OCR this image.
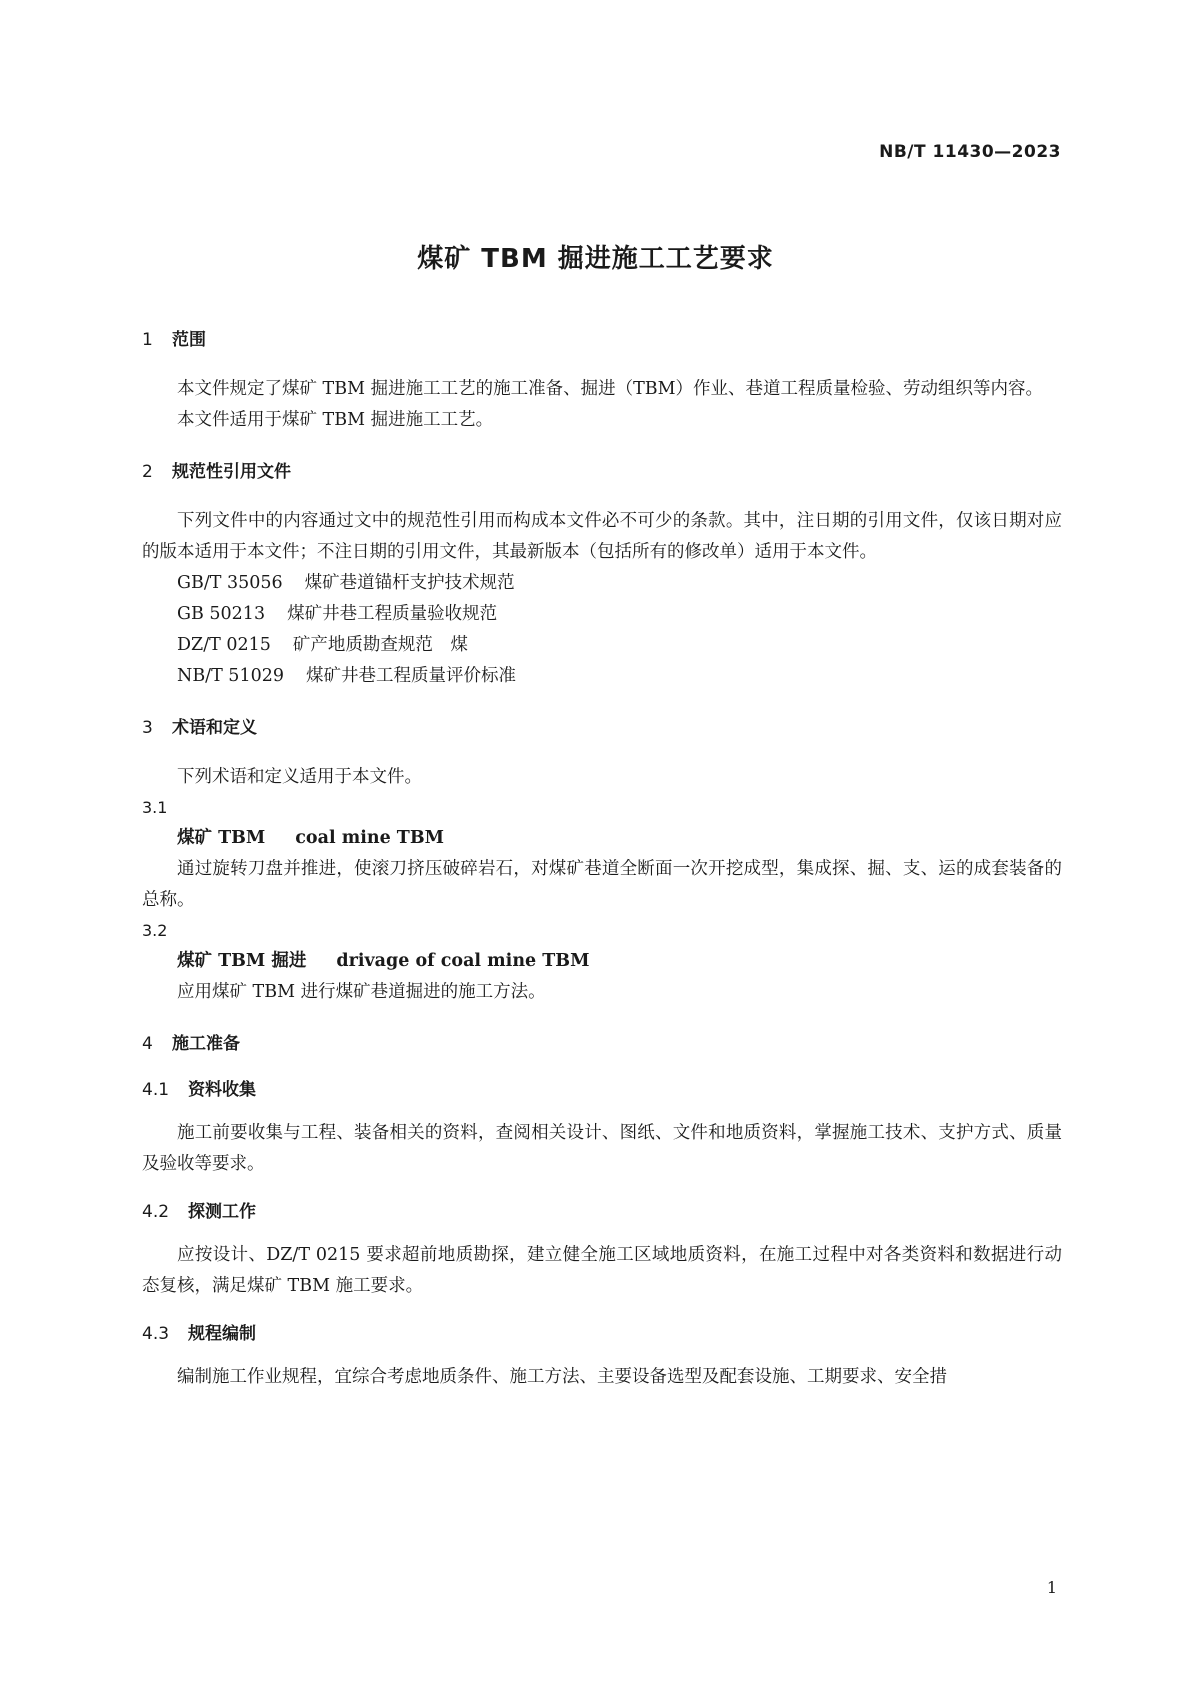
NB/T 11430—2023
煤矿 TBM 掘进施工工艺要求
1 范围

本文件规定了煤矿 TBM 掘进施工工艺的施工准备、掘进（TBM）作业、巷道工程质量检验、劳动组织等内容。

本文件适用于煤矿 TBM 掘进施工工艺。

2 规范性引用文件

下列文件中的内容通过文中的规范性引用而构成本文件必不可少的条款。其中，注日期的引用文件，仅该日期对应的版本适用于本文件；不注日期的引用文件，其最新版本（包括所有的修改单）适用于本文件。

GB/T 35056 煤矿巷道锚杆支护技术规范

GB 50213 煤矿井巷工程质量验收规范

DZ/T 0215 矿产地质勘查规范　煤

NB/T 51029 煤矿井巷工程质量评价标准

3 术语和定义

下列术语和定义适用于本文件。

3.1

煤矿 TBM coal mine TBM

通过旋转刀盘并推进，使滚刀挤压破碎岩石，对煤矿巷道全断面一次开挖成型，集成探、掘、支、运的成套装备的总称。

3.2

煤矿 TBM 掘进 drivage of coal mine TBM

应用煤矿 TBM 进行煤矿巷道掘进的施工方法。

4 施工准备
4.1 资料收集

施工前要收集与工程、装备相关的资料，查阅相关设计、图纸、文件和地质资料，掌握施工技术、支护方式、质量及验收等要求。

4.2 探测工作

应按设计、DZ/T 0215 要求超前地质勘探，建立健全施工区域地质资料，在施工过程中对各类资料和数据进行动态复核，满足煤矿 TBM 施工要求。

4.3 规程编制

编制施工作业规程，宜综合考虑地质条件、施工方法、主要设备选型及配套设施、工期要求、安全措

1
